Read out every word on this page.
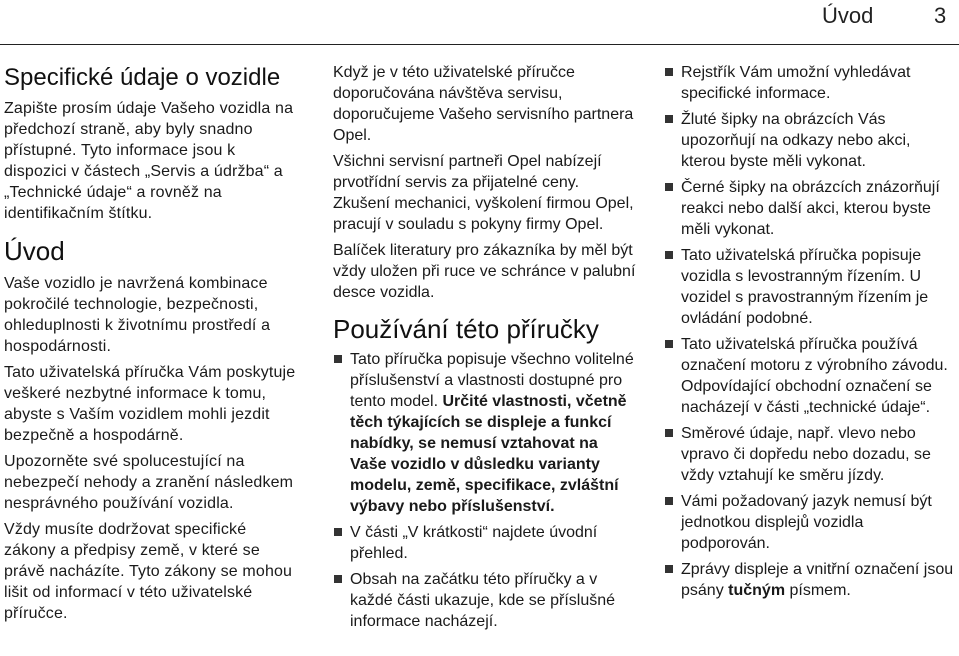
Úvod	3
Specifické údaje o vozidle

Zapište prosím údaje Vašeho vozidla na předchozí straně, aby byly snadno přístupné. Tyto informace jsou k dispozici v částech „Servis a údržba“ a „Technické údaje“ a rovněž na identifikačním štítku.

Úvod

Vaše vozidlo je navržená kombinace pokročilé technologie, bezpečnosti, ohleduplnosti k životnímu prostředí a hospodárnosti.

Tato uživatelská příručka Vám poskytuje veškeré nezbytné informace k tomu, abyste s Vaším vozidlem mohli jezdit bezpečně a hospodárně.

Upozorněte své spolucestující na nebezpečí nehody a zranění následkem nesprávného používání vozidla.

Vždy musíte dodržovat specifické zákony a předpisy země, v které se právě nacházíte. Tyto zákony se mohou lišit od informací v této uživatelské příručce.

Když je v této uživatelské příručce doporučována návštěva servisu, doporučujeme Vašeho servisního partnera Opel.

Všichni servisní partneři Opel nabízejí prvotřídní servis za přijatelné ceny. Zkušení mechanici, vyškolení firmou Opel, pracují v souladu s pokyny firmy Opel.

Balíček literatury pro zákazníka by měl být vždy uložen při ruce ve schránce v palubní desce vozidla.

Používání této příručky
Tato příručka popisuje všechno volitelné příslušenství a vlastnosti dostupné pro tento model. Určité vlastnosti, včetně těch týkajících se displeje a funkcí nabídky, se nemusí vztahovat na Vaše vozidlo v důsledku varianty modelu, země, specifikace, zvláštní výbavy nebo příslušenství.
V části „V krátkosti“ najdete úvodní přehled.
Obsah na začátku této příručky a v každé části ukazuje, kde se příslušné informace nacházejí.
Rejstřík Vám umožní vyhledávat specifické informace.
Žluté šipky na obrázcích Vás upozorňují na odkazy nebo akci, kterou byste měli vykonat.
Černé šipky na obrázcích znázorňují reakci nebo další akci, kterou byste měli vykonat.
Tato uživatelská příručka popisuje vozidla s levostranným řízením. U vozidel s pravostranným řízením je ovládání podobné.
Tato uživatelská příručka používá označení motoru z výrobního závodu. Odpovídající obchodní označení se nacházejí v části „technické údaje“.
Směrové údaje, např. vlevo nebo vpravo či dopředu nebo dozadu, se vždy vztahují ke směru jízdy.
Vámi požadovaný jazyk nemusí být jednotkou displejů vozidla podporován.
Zprávy displeje a vnitřní označení jsou psány tučným písmem.
